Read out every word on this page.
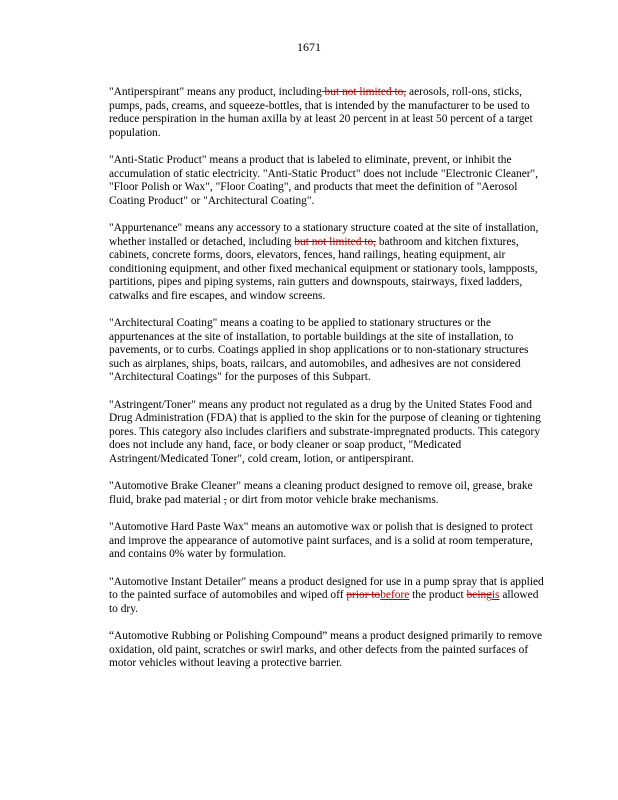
1671

"Antiperspirant" means any product, including but not limited to, aerosols, roll-ons, sticks, pumps, pads, creams, and squeeze-bottles, that is intended by the manufacturer to be used to reduce perspiration in the human axilla by at least 20 percent in at least 50 percent of a target population.

"Anti-Static Product" means a product that is labeled to eliminate, prevent, or inhibit the accumulation of static electricity. "Anti-Static Product" does not include "Electronic Cleaner", "Floor Polish or Wax", "Floor Coating", and products that meet the definition of "Aerosol Coating Product" or "Architectural Coating".

"Appurtenance" means any accessory to a stationary structure coated at the site of installation, whether installed or detached, including but not limited to, bathroom and kitchen fixtures, cabinets, concrete forms, doors, elevators, fences, hand railings, heating equipment, air conditioning equipment, and other fixed mechanical equipment or stationary tools, lampposts, partitions, pipes and piping systems, rain gutters and downspouts, stairways, fixed ladders, catwalks and fire escapes, and window screens.

"Architectural Coating" means a coating to be applied to stationary structures or the appurtenances at the site of installation, to portable buildings at the site of installation, to pavements, or to curbs. Coatings applied in shop applications or to non-stationary structures such as airplanes, ships, boats, railcars, and automobiles, and adhesives are not considered "Architectural Coatings" for the purposes of this Subpart.

"Astringent/Toner" means any product not regulated as a drug by the United States Food and Drug Administration (FDA) that is applied to the skin for the purpose of cleaning or tightening pores. This category also includes clarifiers and substrate-impregnated products. This category does not include any hand, face, or body cleaner or soap product, "Medicated Astringent/Medicated Toner", cold cream, lotion, or antiperspirant.

"Automotive Brake Cleaner" means a cleaning product designed to remove oil, grease, brake fluid, brake pad material , or dirt from motor vehicle brake mechanisms.

"Automotive Hard Paste Wax" means an automotive wax or polish that is designed to protect and improve the appearance of automotive paint surfaces, and is a solid at room temperature, and contains 0% water by formulation.

"Automotive Instant Detailer" means a product designed for use in a pump spray that is applied to the painted surface of automobiles and wiped off prior tobefore the product beingis allowed to dry.

“Automotive Rubbing or Polishing Compound” means a product designed primarily to remove oxidation, old paint, scratches or swirl marks, and other defects from the painted surfaces of motor vehicles without leaving a protective barrier.
